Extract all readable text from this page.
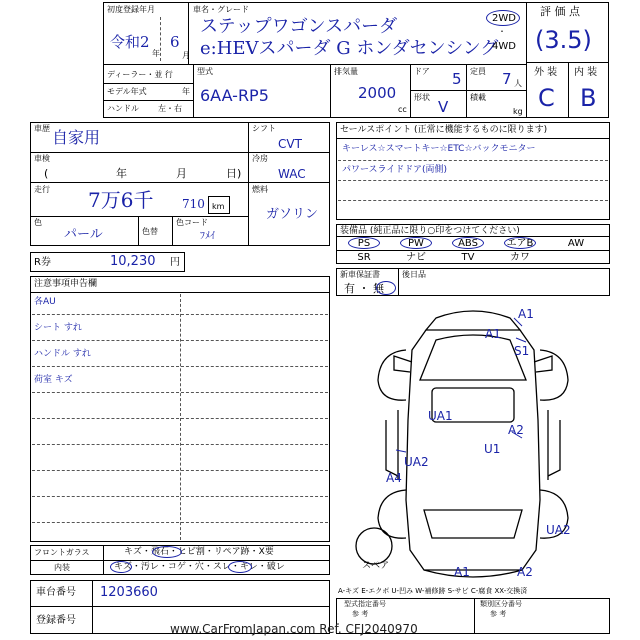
初度登録年月
令和2
年
6
月
車名・グレード
ステップワゴンスパーダ
e:HEVスパーダ G ホンダセンシング
2WD
・
4WD
評 価 点
(3.5)
ディーラー・並 行
モデル年式	年
ハンドル 左・右
型式
6AA-RP5
排気量
2000
cc
ドア 5 定員 7 人
形状
V
積載
kg
外 装
C
内 装
B
車歴 自家用
車検
(	年	月	日)
走行 7万6千 710 km
色
パール	色替
色コード
ﾌﾒｲ
シフト
CVT
冷房
WAC
燃料
ガソリン
R券	10,230 円
セールスポイント (正常に機能するものに限ります)
キーレス☆スマートキー☆ETC☆バックモニター
パワースライドドア(両側)
装備品 (純正品に限り○印をつけてください)
PS	PW	ABS	エアB	AW
SR	ナビ	TV	カワ
新車保証書
有 ・ 無
後日品
注意事項申告欄
各AU
シート すれ
ハンドル すれ
荷室 キズ
A1
A1
S1
UA1
A2
U1
UA2
A4
UA2
A1	A2
スペア
フロントガラス	キズ・飛石・ヒビ割・リペア跡・X要
内装	キズ・汚レ・コゲ・穴・スレ・キレ・破レ
車台番号 1203660
登録番号
A-キズ E-エクボ U-凹み W-補修跡 S-サビ C-腐食 XX-交換済
型式指定番号
参 考
類別区分番号
参 考
www.CarFromJapan.com Ref. CFJ2040970
